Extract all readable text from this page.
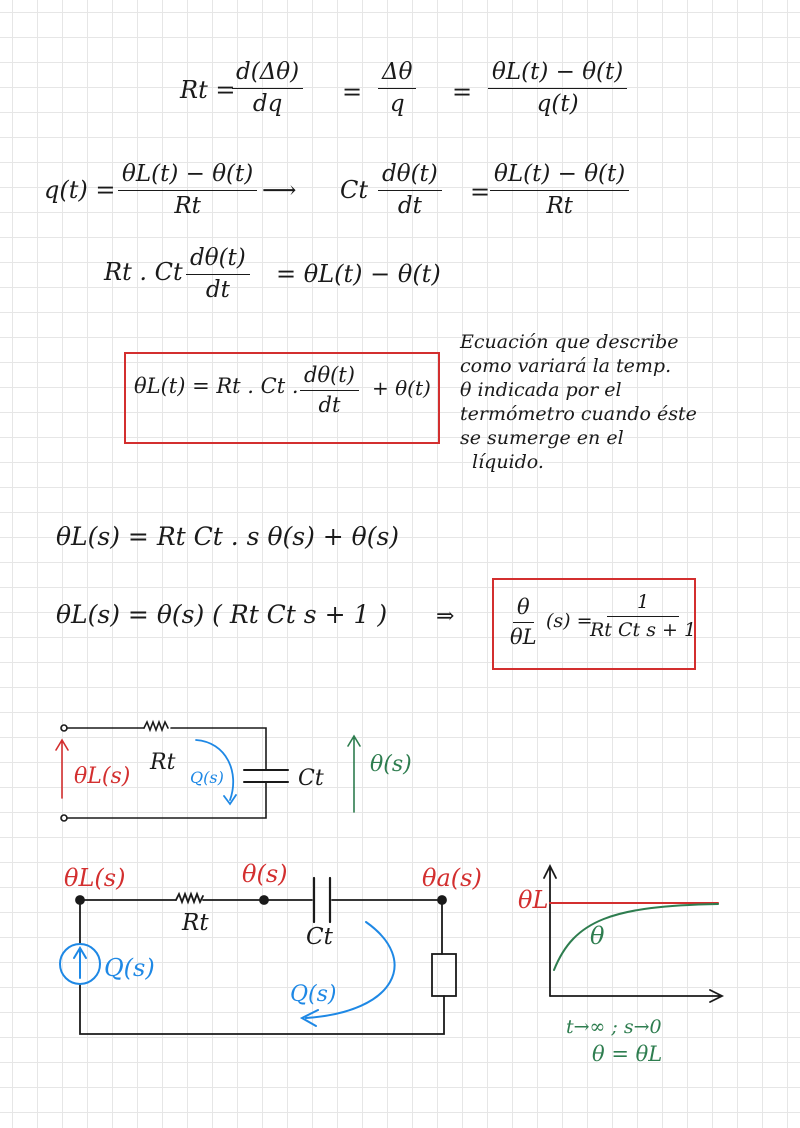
Rt =
$\frac{d(\Delta\theta)}{dq} = \frac{\Delta\theta}{q} = \frac{\theta L(t) - \theta(t)}{q(t)}$
$q(t) = \frac{\theta L(t) - \theta(t)}{Rt}$ ⟶ Ct $\frac{d\theta(t)}{dt} = \frac{\theta L(t) - \theta(t)}{Rt}$
Rt . Ct $\frac{d\theta(t)}{dt} = \theta L(t) - \theta(t)$
θL(t) = Rt . Ct . $\frac{d\theta(t)}{dt} + \theta(t)$
Ecuación que describe
como variará la temp.
θ indicada por el
termómetro cuando éste
se sumerge en el
líquido.
θL(s) = Rt Ct . s θ(s) + θ(s)
θL(s) = θ(s) ( Rt Ct s + 1 ) ⇒	$\frac{\theta}{\theta L} (s)$ =
$\frac{1}{\text{Rt Ct s + 1}}$
θL(s)
Rt
Q(s)	Ct
θ(s)
θL(s)	θ(s)	θa(s)
Rt
Ct
Q(s)
Q(s)
θL
θ
t→∞ ; s→0
θ = θL
